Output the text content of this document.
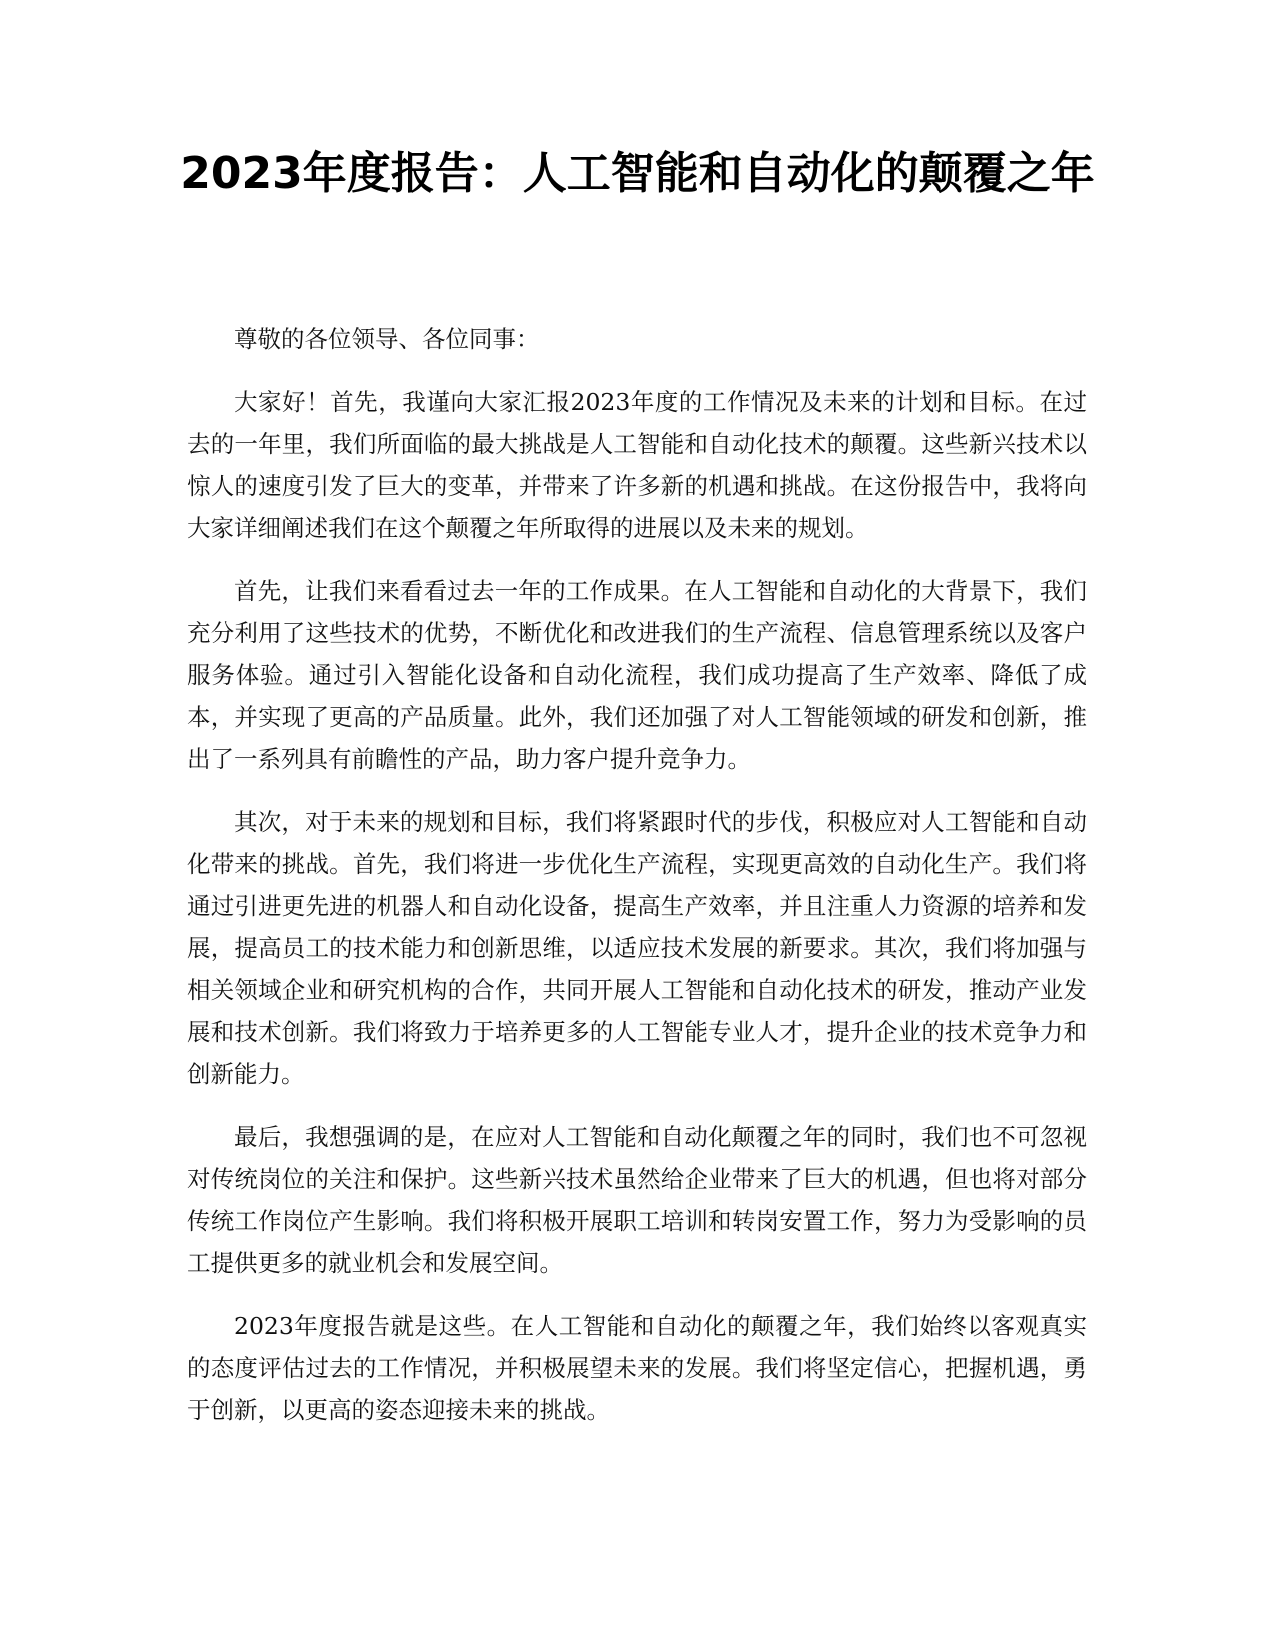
2023年度报告：人工智能和自动化的颠覆之年

尊敬的各位领导、各位同事：

大家好！首先，我谨向大家汇报2023年度的工作情况及未来的计划和目标。在过去的一年里，我们所面临的最大挑战是人工智能和自动化技术的颠覆。这些新兴技术以惊人的速度引发了巨大的变革，并带来了许多新的机遇和挑战。在这份报告中，我将向大家详细阐述我们在这个颠覆之年所取得的进展以及未来的规划。

首先，让我们来看看过去一年的工作成果。在人工智能和自动化的大背景下，我们充分利用了这些技术的优势，不断优化和改进我们的生产流程、信息管理系统以及客户服务体验。通过引入智能化设备和自动化流程，我们成功提高了生产效率、降低了成本，并实现了更高的产品质量。此外，我们还加强了对人工智能领域的研发和创新，推出了一系列具有前瞻性的产品，助力客户提升竞争力。

其次，对于未来的规划和目标，我们将紧跟时代的步伐，积极应对人工智能和自动化带来的挑战。首先，我们将进一步优化生产流程，实现更高效的自动化生产。我们将通过引进更先进的机器人和自动化设备，提高生产效率，并且注重人力资源的培养和发展，提高员工的技术能力和创新思维，以适应技术发展的新要求。其次，我们将加强与相关领域企业和研究机构的合作，共同开展人工智能和自动化技术的研发，推动产业发展和技术创新。我们将致力于培养更多的人工智能专业人才，提升企业的技术竞争力和创新能力。

最后，我想强调的是，在应对人工智能和自动化颠覆之年的同时，我们也不可忽视对传统岗位的关注和保护。这些新兴技术虽然给企业带来了巨大的机遇，但也将对部分传统工作岗位产生影响。我们将积极开展职工培训和转岗安置工作，努力为受影响的员工提供更多的就业机会和发展空间。

2023年度报告就是这些。在人工智能和自动化的颠覆之年，我们始终以客观真实的态度评估过去的工作情况，并积极展望未来的发展。我们将坚定信心，把握机遇，勇于创新，以更高的姿态迎接未来的挑战。
